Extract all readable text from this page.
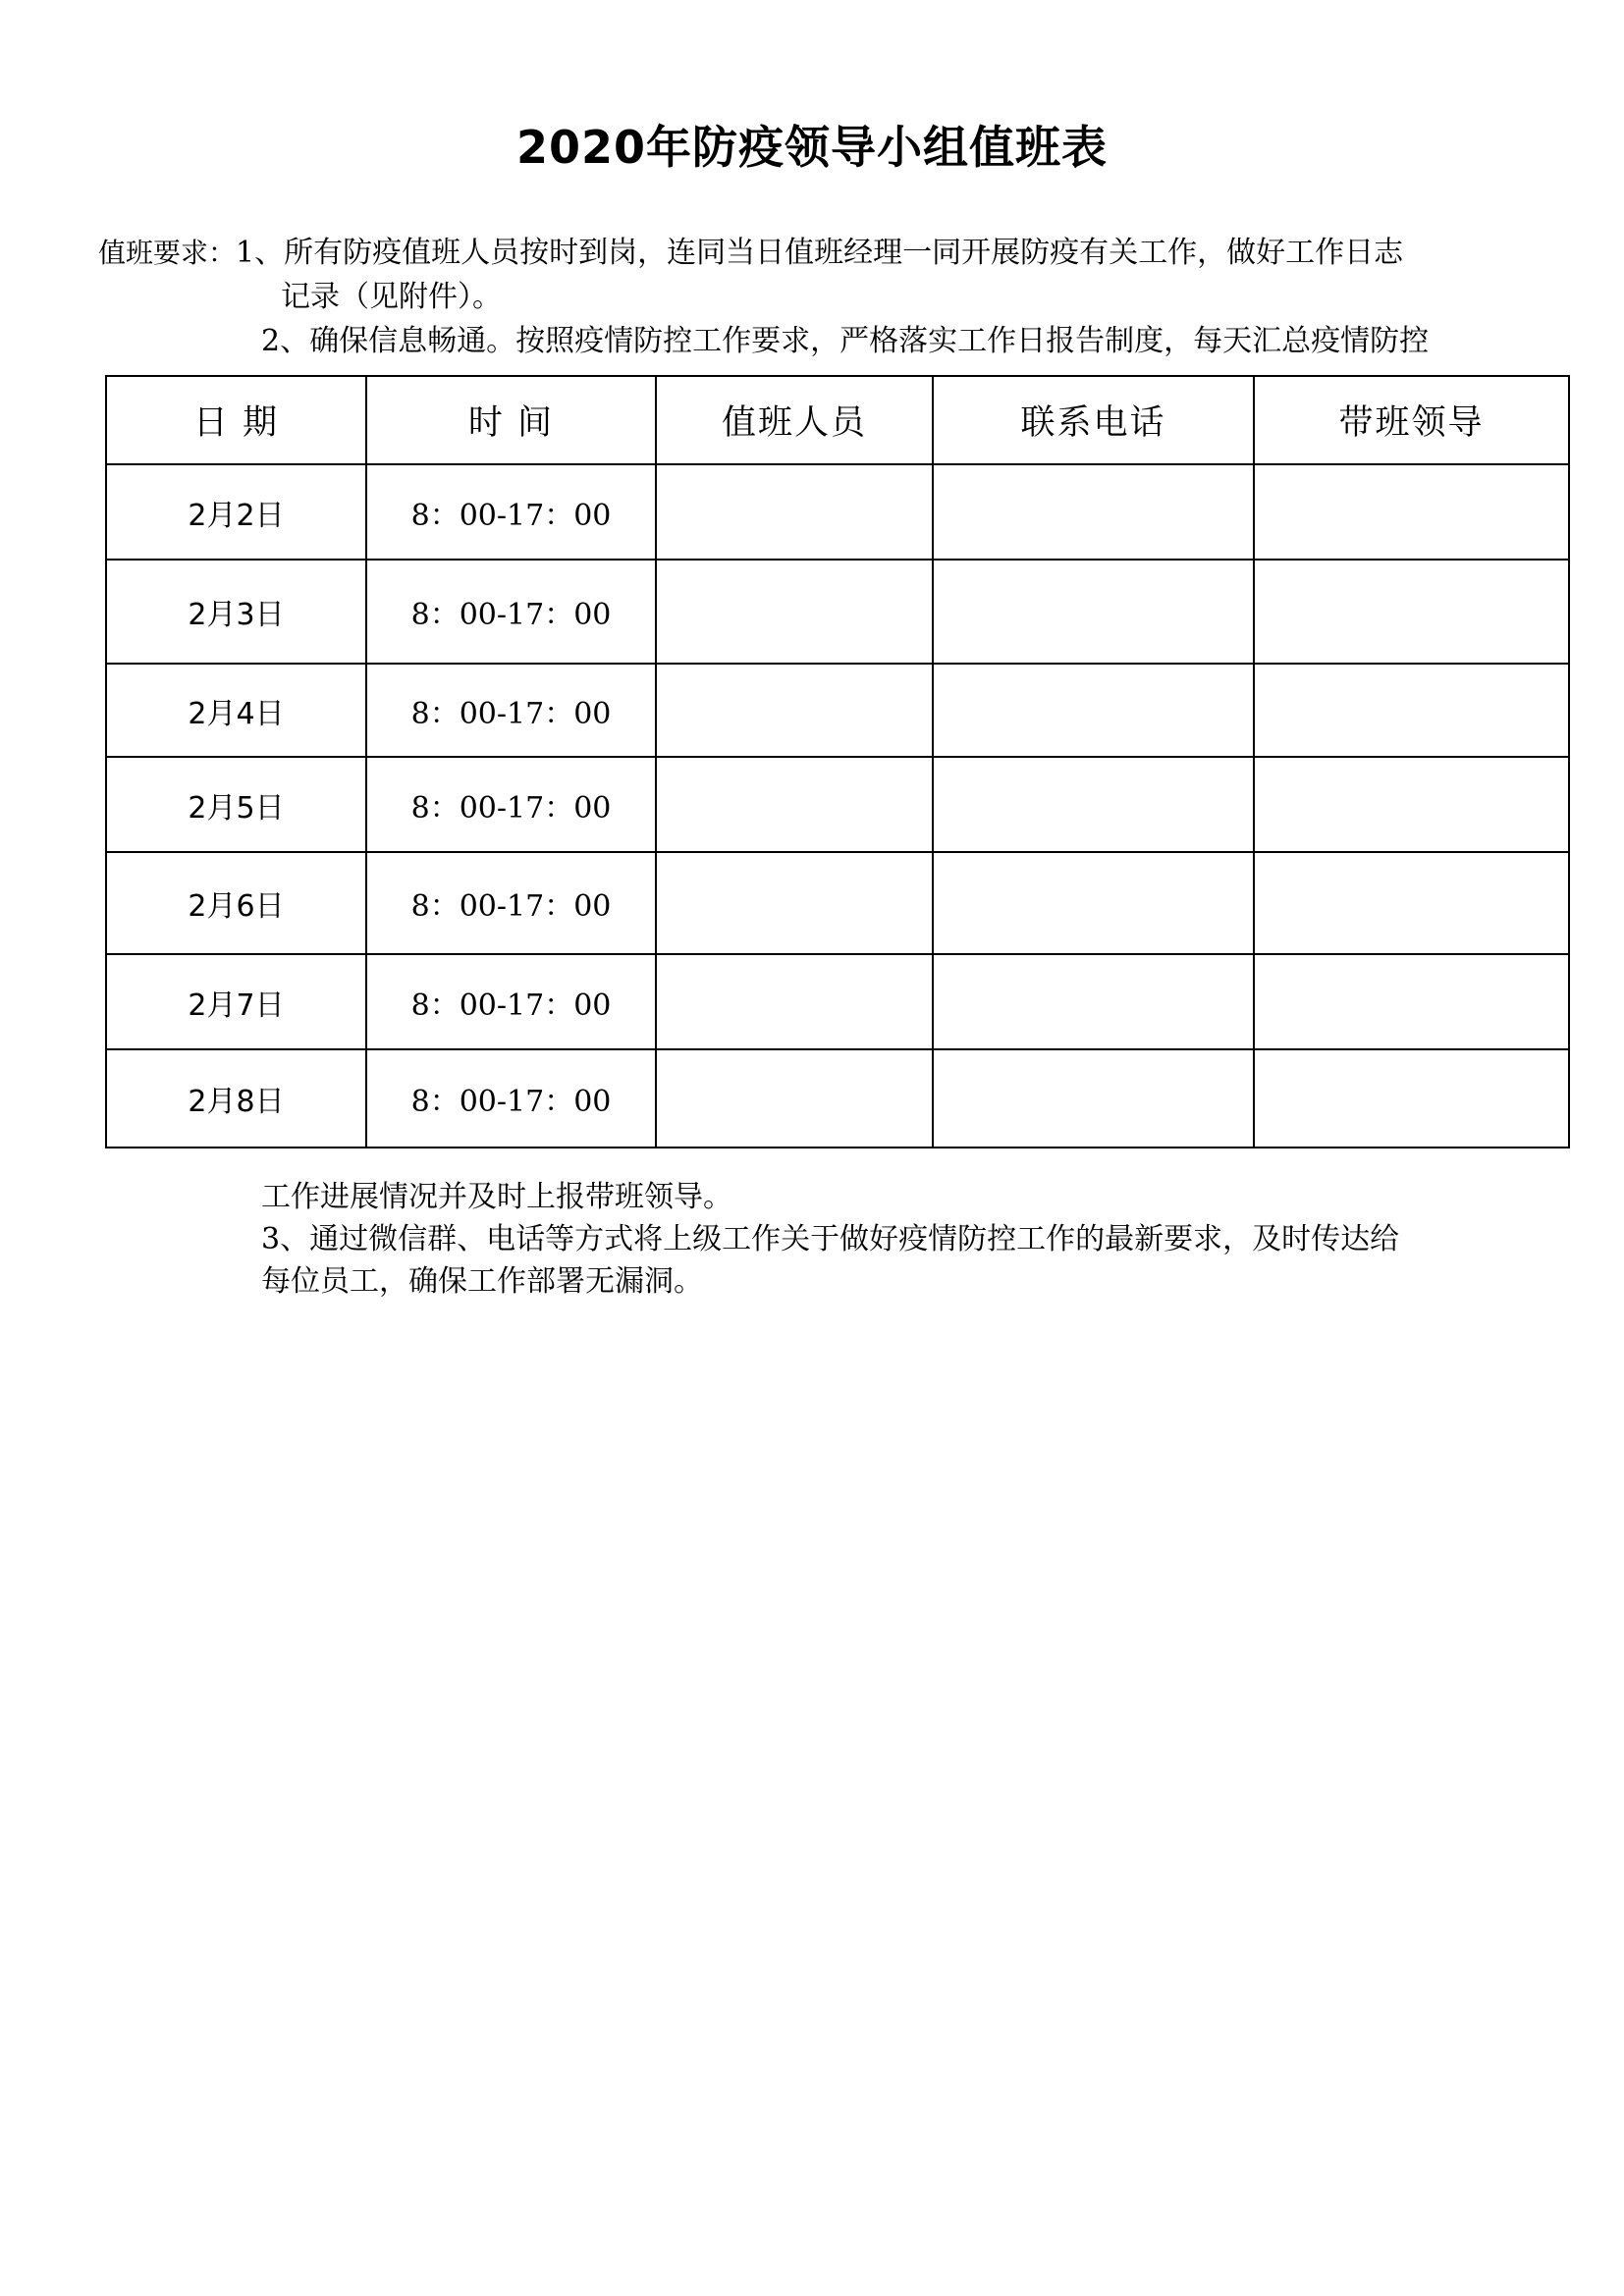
2020年防疫领导小组值班表
值班要求：1、所有防疫值班人员按时到岗，连同当日值班经理一同开展防疫有关工作，做好工作日志
记录（见附件）。
2、确保信息畅通。按照疫情防控工作要求，严格落实工作日报告制度，每天汇总疫情防控
日 期	时 间	值班人员	联系电话	带班领导
2月2日	8：00-17：00			
2月3日	8：00-17：00			
2月4日	8：00-17：00			
2月5日	8：00-17：00			
2月6日	8：00-17：00			
2月7日	8：00-17：00			
2月8日	8：00-17：00			
工作进展情况并及时上报带班领导。
3、通过微信群、电话等方式将上级工作关于做好疫情防控工作的最新要求，及时传达给
每位员工，确保工作部署无漏洞。
